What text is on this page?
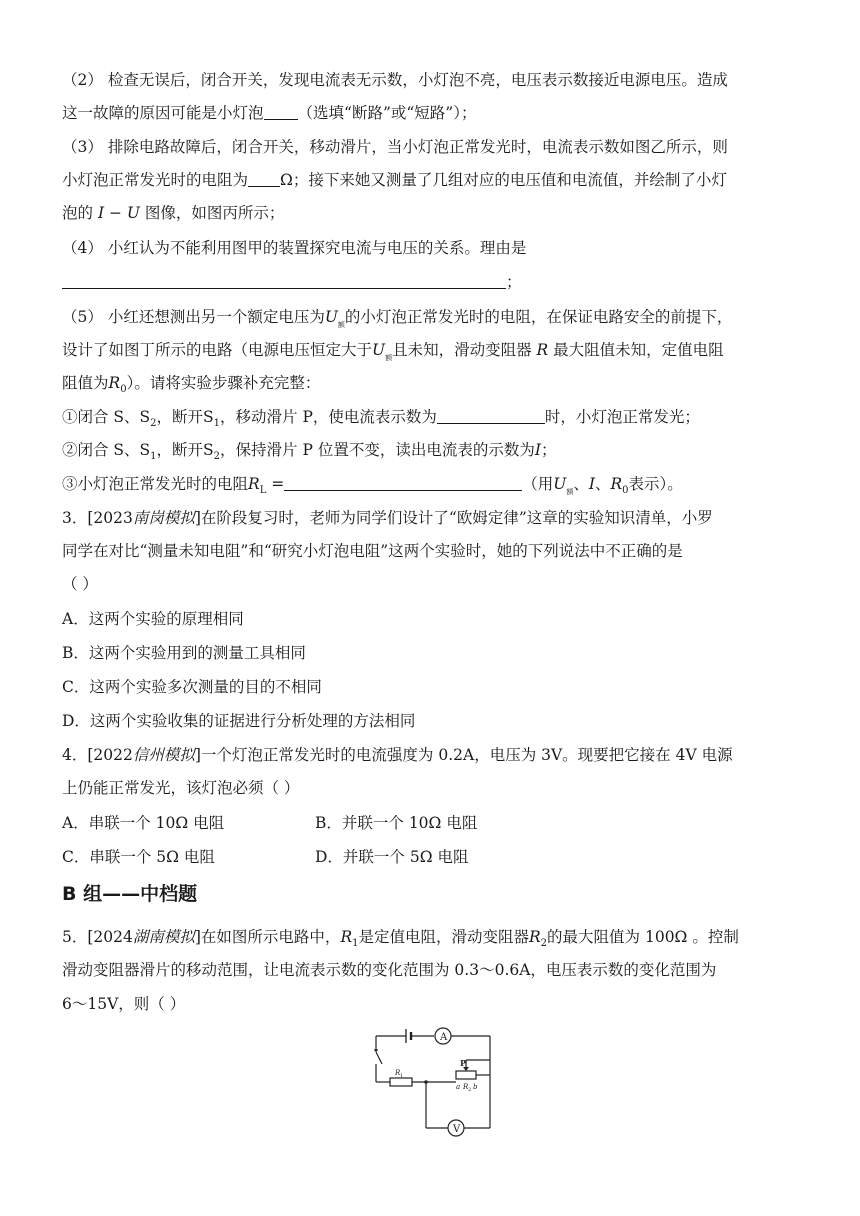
（2） 检查无误后，闭合开关，发现电流表无示数，小灯泡不亮，电压表示数接近电源电压。造成
这一故障的原因可能是小灯泡 （选填“断路”或“短路”）；
（3） 排除电路故障后，闭合开关，移动滑片，当小灯泡正常发光时，电流表示数如图乙所示，则
小灯泡正常发光时的电阻为 Ω；接下来她又测量了几组对应的电压值和电流值，并绘制了小灯
泡的 I − U 图像，如图丙所示；
（4） 小红认为不能利用图甲的装置探究电流与电压的关系。理由是
；
（5） 小红还想测出另一个额定电压为$U_额$的小灯泡正常发光时的电阻，在保证电路安全的前提下，
设计了如图丁所示的电路（电源电压恒定大于$U_额$且未知，滑动变阻器 R 最大阻值未知，定值电阻
阻值为$R_0$）。请将实验步骤补充完整：
①闭合 S、$S_2$，断开$S_1$，移动滑片 P，使电流表示数为	时，小灯泡正常发光；
②闭合 S、$S_1$，断开$S_2$，保持滑片 P 位置不变，读出电流表的示数为I；
③小灯泡正常发光时的电阻$R_L$ =	（用$U_额$、I、$R_0$表示）。
3．[2023南岗模拟]在阶段复习时，老师为同学们设计了“欧姆定律”这章的实验知识清单，小罗
同学在对比“测量未知电阻”和“研究小灯泡电阻”这两个实验时，她的下列说法中不正确的是
（ ）
A．这两个实验的原理相同
B．这两个实验用到的测量工具相同
C．这两个实验多次测量的目的不相同
D．这两个实验收集的证据进行分析处理的方法相同
4．[2022信州模拟]一个灯泡正常发光时的电流强度为 0.2A，电压为 3V。现要把它接在 4V 电源
上仍能正常发光，该灯泡必须（ ）
A．串联一个 10Ω 电阻	B．并联一个 10Ω 电阻
C．串联一个 5Ω 电阻	D．并联一个 5Ω 电阻
B 组——中档题
5．[2024湖南模拟]在如图所示电路中，$R_1$是定值电阻，滑动变阻器$R_2$的最大阻值为 100Ω 。控制
滑动变阻器滑片的移动范围，让电流表示数的变化范围为 0.3～0.6A，电压表示数的变化范围为
6～15V，则（ ）
A
V
R 1
P
a R 2 b
